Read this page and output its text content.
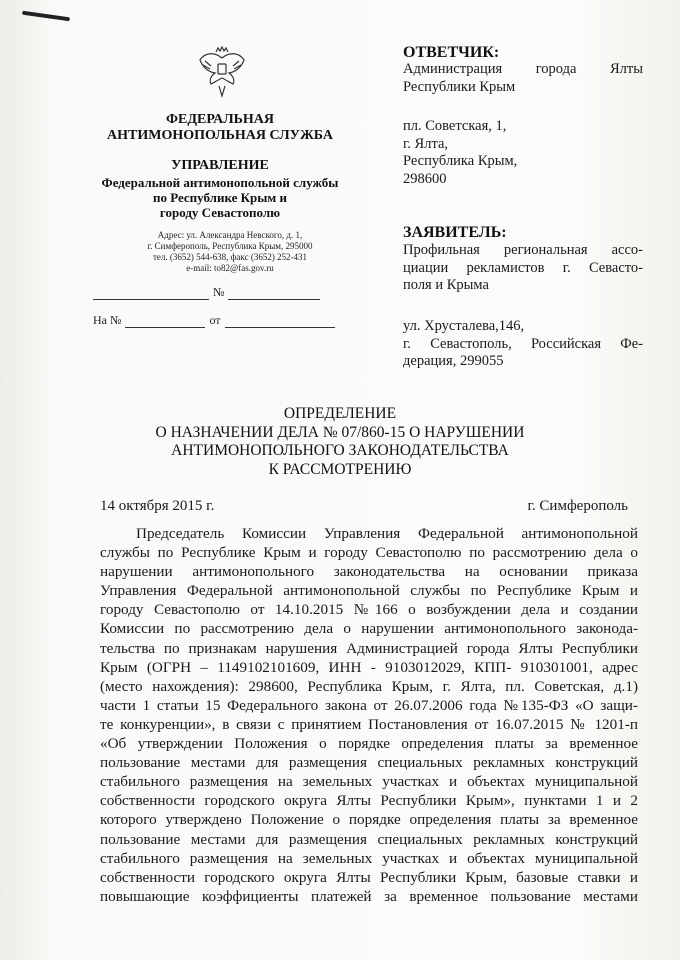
ФЕДЕРАЛЬНАЯ
АНТИМОНОПОЛЬНАЯ СЛУЖБА
УПРАВЛЕНИЕ
Федеральной антимонопольной службы
по Республике Крым и
городу Севастополю
Адрес: ул. Александра Невского, д. 1,
г. Симферополь, Республика Крым, 295000
тел. (3652) 544-638, факс (3652) 252-431
e-mail: to82@fas.gov.ru
№
На №	от
ОТВЕТЧИК:
Администрация города Ялты
Республики Крым
пл. Советская, 1,
г. Ялта,
Республика Крым,
298600
ЗАЯВИТЕЛЬ:
Профильная региональная ассо-
циации рекламистов г. Севасто-
поля и Крыма
ул. Хрусталева,146,
г. Севастополь, Российская Фе-
дерация, 299055
ОПРЕДЕЛЕНИЕ
О НАЗНАЧЕНИИ ДЕЛА № 07/860-15 О НАРУШЕНИИ
АНТИМОНОПОЛЬНОГО ЗАКОНОДАТЕЛЬСТВА
К РАССМОТРЕНИЮ
14 октября 2015 г.	г. Симферополь
Председатель Комиссии Управления Федеральной антимонопольной
службы по Республике Крым и городу Севастополю по рассмотрению дела о
нарушении антимонопольного законодательства на основании приказа
Управления Федеральной антимонопольной службы по Республике Крым и
городу Севастополю от 14.10.2015 №166 о возбуждении дела и создании
Комиссии по рассмотрению дела о нарушении антимонопольного законода-
тельства по признакам нарушения Администрацией города Ялты Республики
Крым (ОГРН – 1149102101609, ИНН - 9103012029, КПП- 910301001, адрес
(место нахождения): 298600, Республика Крым, г. Ялта, пл. Советская, д.1)
части 1 статьи 15 Федерального закона от 26.07.2006 года №135-ФЗ «О защи-
те конкуренции», в связи с принятием Постановления от 16.07.2015 № 1201-п
«Об утверждении Положения о порядке определения платы за временное
пользование местами для размещения специальных рекламных конструкций
стабильного размещения на земельных участках и объектах муниципальной
собственности городского округа Ялты Республики Крым», пунктами 1 и 2
которого утверждено Положение о порядке определения платы за временное
пользование местами для размещения специальных рекламных конструкций
стабильного размещения на земельных участках и объектах муниципальной
собственности городского округа Ялты Республики Крым, базовые ставки и
повышающие коэффициенты платежей за временное пользование местами
